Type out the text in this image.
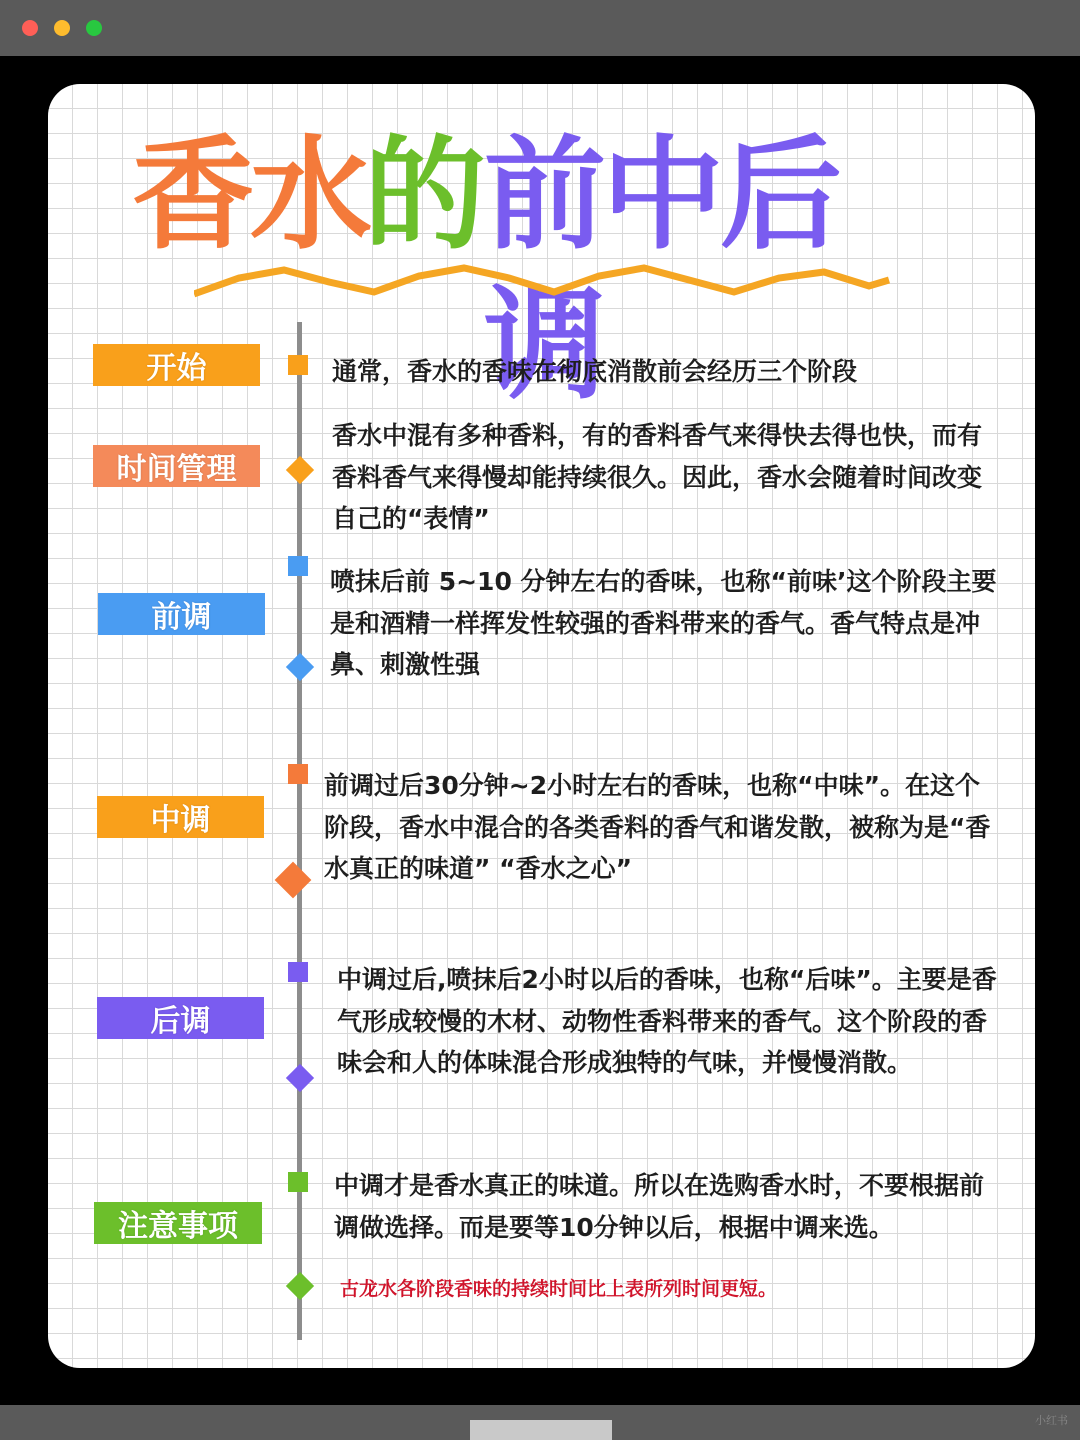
香水
的 前中后调
开始	通常，香水的香味在彻底消散前会经历三个阶段
时间管理
香水中混有多种香料，有的香料香气来得快去得也快，而有香料香气来得慢却能持续很久。因此，香水会随着时间改变自己的“表情”
前调
喷抹后前 5~10 分钟左右的香味，也称“前味’这个阶段主要是和酒精一样挥发性较强的香料带来的香气。香气特点是冲鼻、刺激性强
中调
前调过后30分钟~2小时左右的香味，也称“中味”。在这个阶段，香水中混合的各类香料的香气和谐发散，被称为是“香水真正的味道” “香水之心”
后调
中调过后,喷抹后2小时以后的香味，也称“后味”。主要是香气形成较慢的木材、动物性香料带来的香气。这个阶段的香味会和人的体味混合形成独特的气味，并慢慢消散。
注意事项
中调才是香水真正的味道。所以在选购香水时，不要根据前调做选择。而是要等10分钟以后，根据中调来选。
古龙水各阶段香味的持续时间比上表所列时间更短。
小红书
